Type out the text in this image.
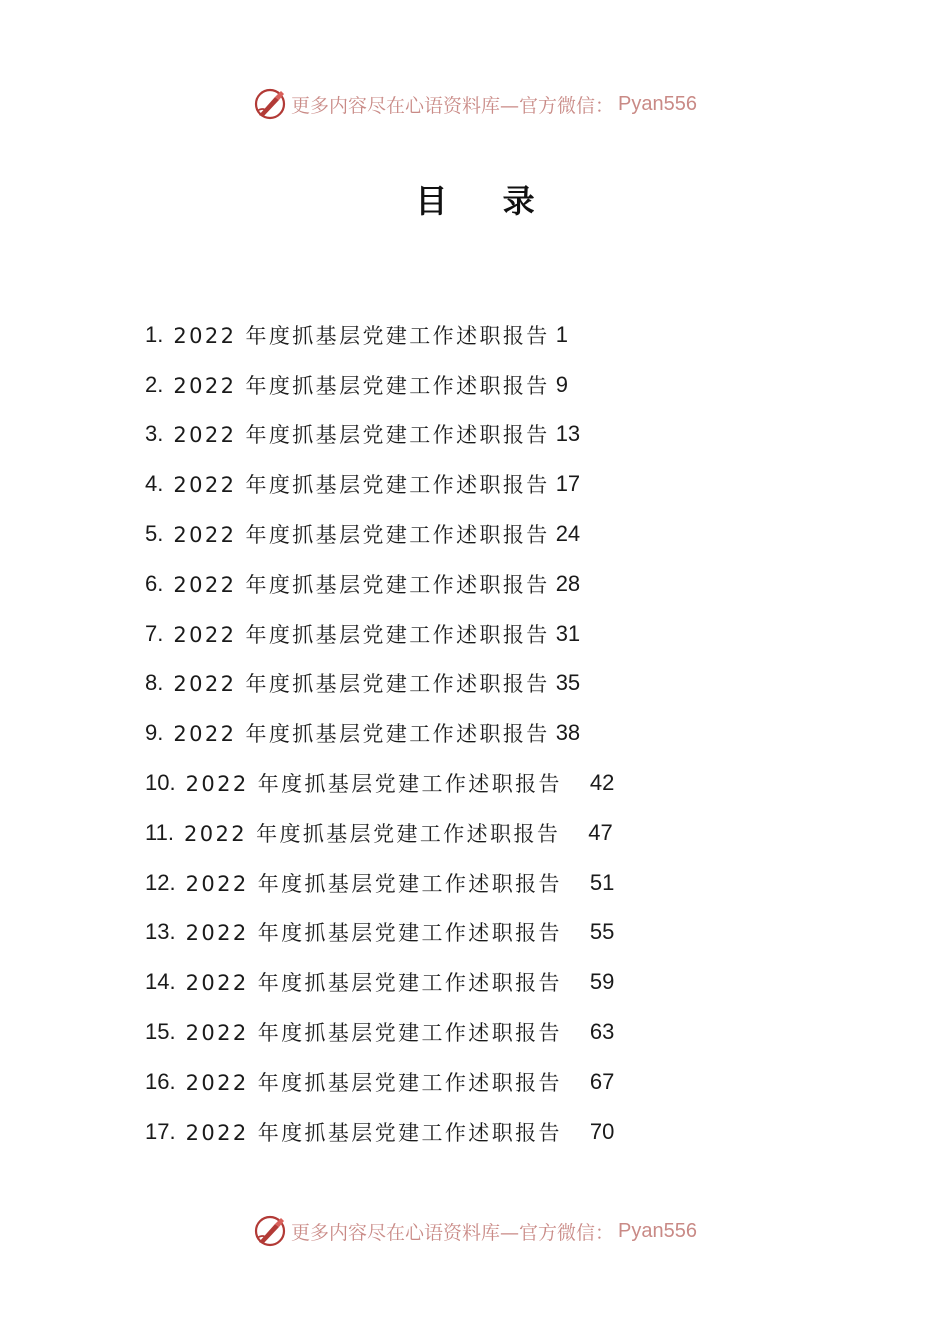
更多内容尽在心语资料库—官方微信： Pyan556
目 录
1. 2022 年度抓基层党建工作述职报告 1
2. 2022 年度抓基层党建工作述职报告 9
3. 2022 年度抓基层党建工作述职报告 13
4. 2022 年度抓基层党建工作述职报告 17
5. 2022 年度抓基层党建工作述职报告 24
6. 2022 年度抓基层党建工作述职报告 28
7. 2022 年度抓基层党建工作述职报告 31
8. 2022 年度抓基层党建工作述职报告 35
9. 2022 年度抓基层党建工作述职报告 38
10. 2022 年度抓基层党建工作述职报告 42
11. 2022 年度抓基层党建工作述职报告 47
12. 2022 年度抓基层党建工作述职报告 51
13. 2022 年度抓基层党建工作述职报告 55
14. 2022 年度抓基层党建工作述职报告 59
15. 2022 年度抓基层党建工作述职报告 63
16. 2022 年度抓基层党建工作述职报告 67
17. 2022 年度抓基层党建工作述职报告 70
更多内容尽在心语资料库—官方微信： Pyan556
